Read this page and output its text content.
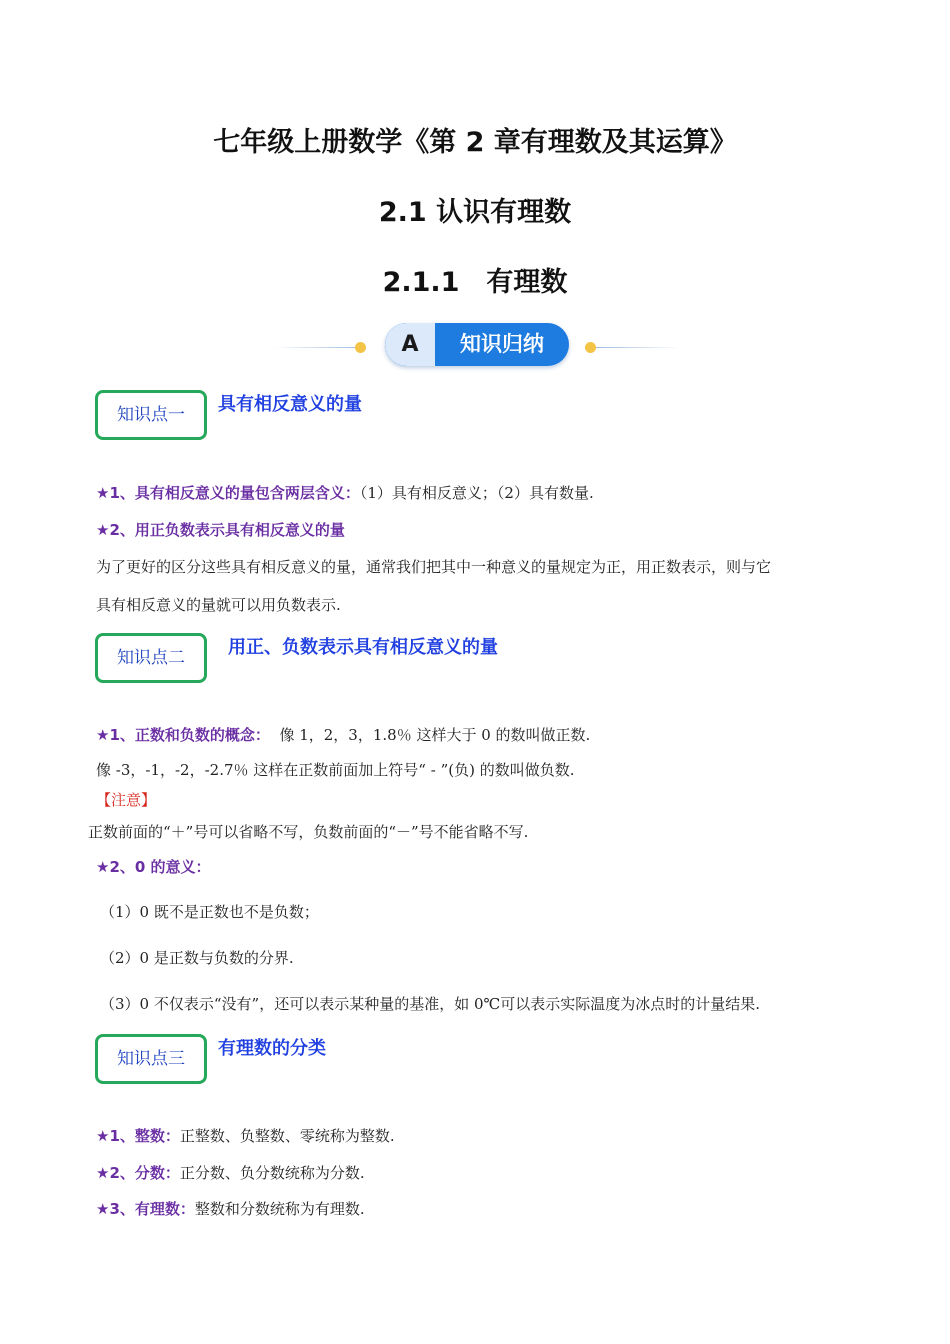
七年级上册数学《第 2 章有理数及其运算》
2.1 认识有理数
2.1.1　有理数
A	知识归纳
知识点一	具有相反意义的量
★1、具有相反意义的量包含两层含义：（1）具有相反意义；（2）具有数量.
★2、用正负数表示具有相反意义的量
为了更好的区分这些具有相反意义的量，通常我们把其中一种意义的量规定为正，用正数表示，则与它
具有相反意义的量就可以用负数表示.
知识点二	用正、负数表示具有相反意义的量
★1、正数和负数的概念： 像 1，2，3，1.8％ 这样大于 0 的数叫做正数.
像 -3，-1，-2，-2.7％ 这样在正数前面加上符号“ - ”(负) 的数叫做负数.
【注意】
正数前面的“＋”号可以省略不写，负数前面的“－”号不能省略不写.
★2、0 的意义：
（1）0 既不是正数也不是负数；
（2）0 是正数与负数的分界.
（3）0 不仅表示“没有”，还可以表示某种量的基准，如 0℃可以表示实际温度为冰点时的计量结果.
知识点三	有理数的分类
★1、整数：正整数、负整数、零统称为整数.
★2、分数：正分数、负分数统称为分数.
★3、有理数：整数和分数统称为有理数.
